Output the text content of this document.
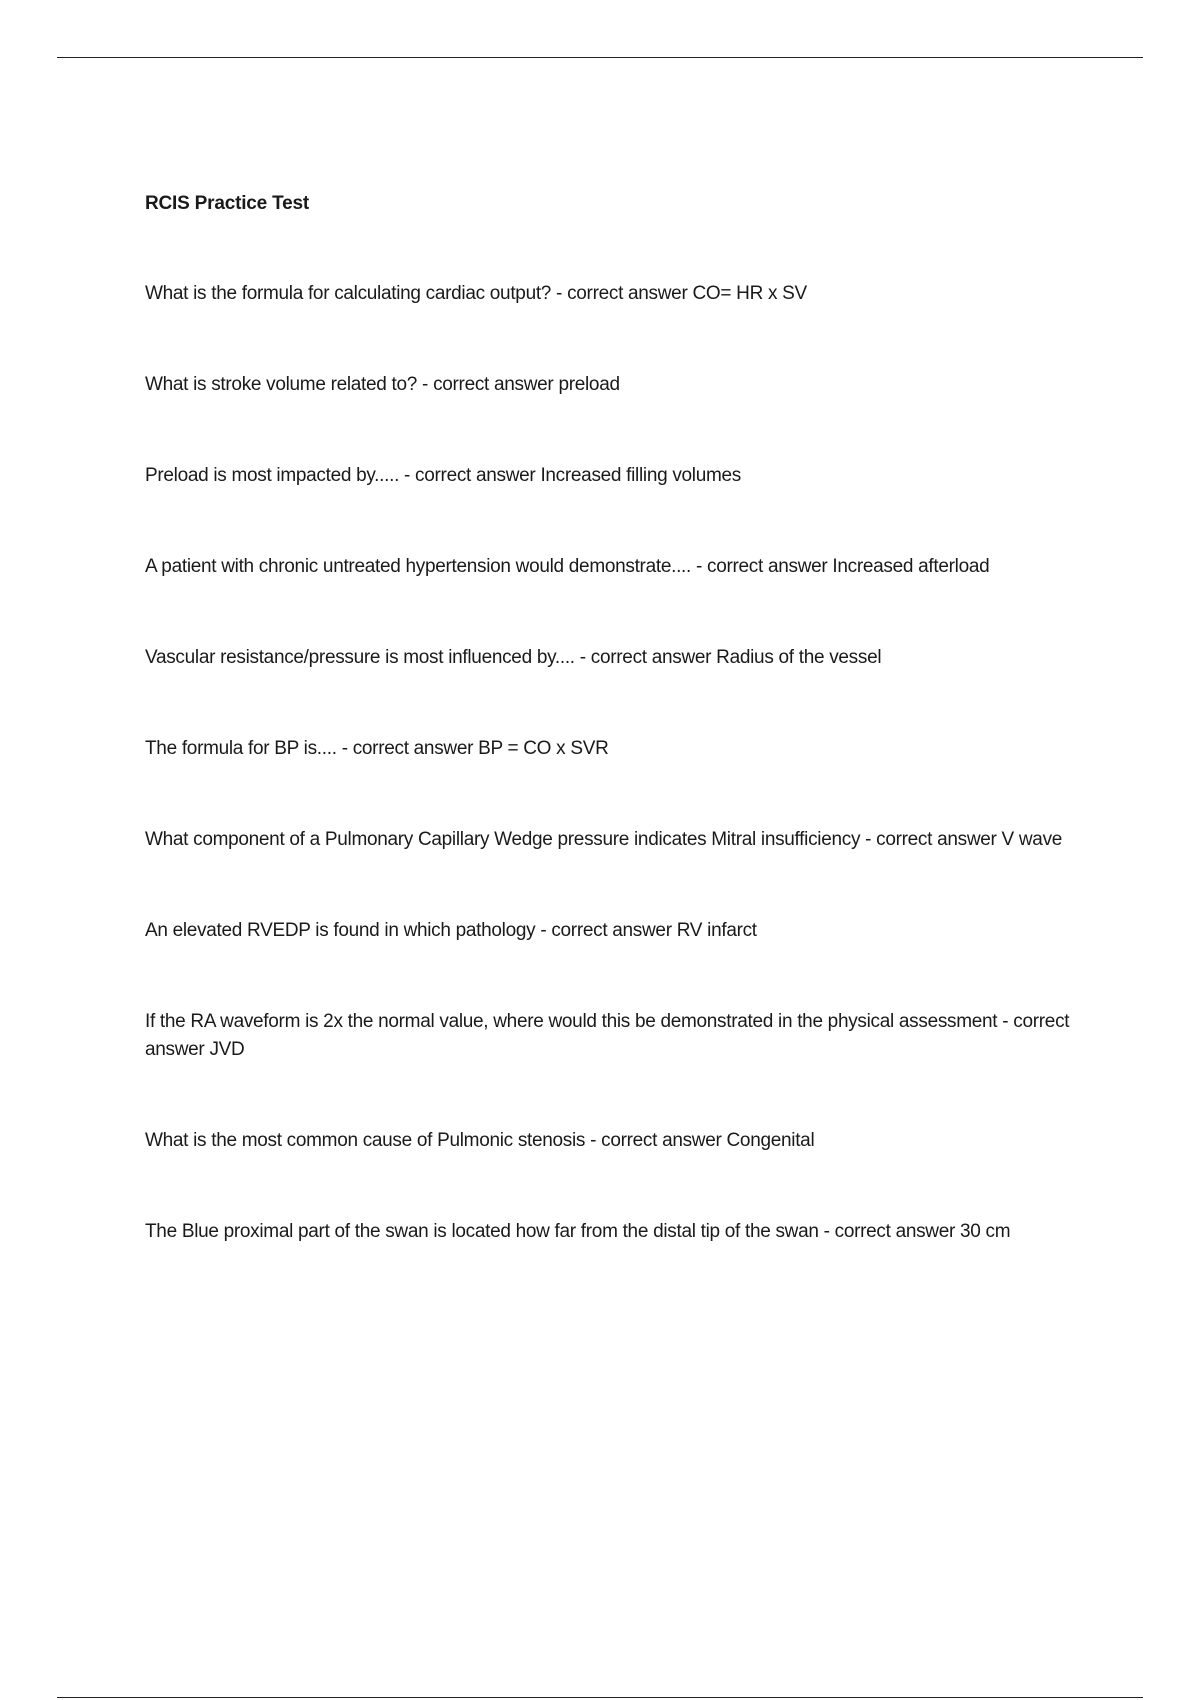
RCIS Practice Test
What is the formula for calculating cardiac output? - correct answer CO= HR x SV
What is stroke volume related to? - correct answer preload
Preload is most impacted by..... - correct answer Increased filling volumes
A patient with chronic untreated hypertension would demonstrate.... - correct answer Increased afterload
Vascular resistance/pressure is most influenced by.... - correct answer Radius of the vessel
The formula for BP is.... - correct answer BP = CO x SVR
What component of a Pulmonary Capillary Wedge pressure indicates Mitral insufficiency - correct answer V wave
An elevated RVEDP is found in which pathology - correct answer RV infarct
If the RA waveform is 2x the normal value, where would this be demonstrated in the physical assessment - correct answer JVD
What is the most common cause of Pulmonic stenosis - correct answer Congenital
The Blue proximal part of the swan is located how far from the distal tip of the swan - correct answer 30 cm
